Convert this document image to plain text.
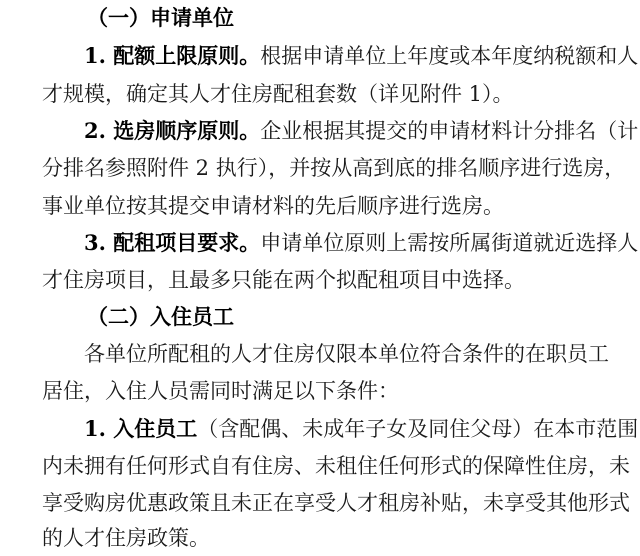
（一）申请单位
1. 配额上限原则。根据申请单位上年度或本年度纳税额和人
才规模，确定其人才住房配租套数（详见附件 1）。
2. 选房顺序原则。企业根据其提交的申请材料计分排名（计
分排名参照附件 2 执行），并按从高到底的排名顺序进行选房，
事业单位按其提交申请材料的先后顺序进行选房。
3. 配租项目要求。申请单位原则上需按所属街道就近选择人
才住房项目，且最多只能在两个拟配租项目中选择。
（二）入住员工
各单位所配租的人才住房仅限本单位符合条件的在职员工
居住，入住人员需同时满足以下条件：
1. 入住员工（含配偶、未成年子女及同住父母）在本市范围
内未拥有任何形式自有住房、未租住任何形式的保障性住房，未
享受购房优惠政策且未正在享受人才租房补贴，未享受其他形式
的人才住房政策。
